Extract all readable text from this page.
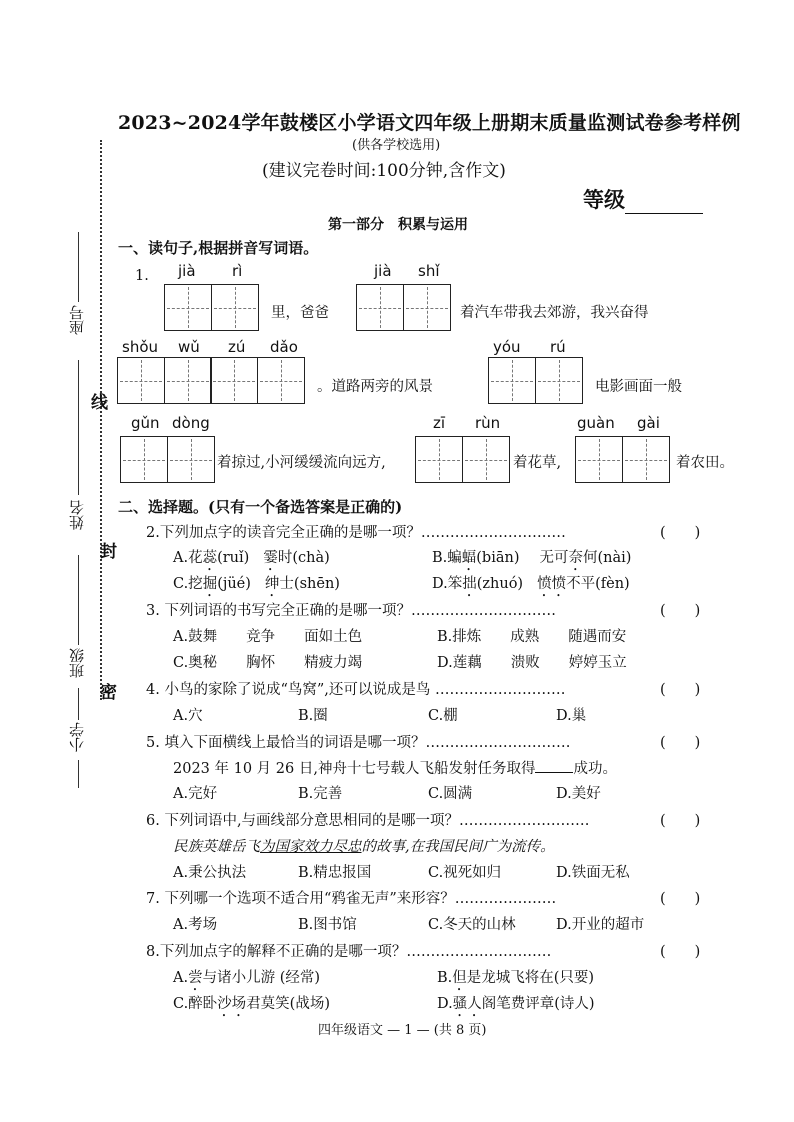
线
封
密
座号
姓名
班级
小学
2023~2024学年鼓楼区小学语文四年级上册期末质量监测试卷参考样例
(供各学校选用)
(建议完卷时间:100分钟,含作文)
等级
第一部分　积累与运用
一、读句子,根据拼音写词语。
1. jià rì
里，爸爸
jià shǐ
着汽车带我去郊游，我兴奋得
shǒu wǔ zú dǎo
。道路两旁的风景
yóu rú
电影画面一般
gǔn dòng
着掠过,小河缓缓流向远方,
zī rùn
着花草,
guàn gài
着农田。
二、选择题。(只有一个备选答案是正确的)
2.下列加点字的读音完全正确的是哪一项？…………………………	(　　)
A.花蕊(ruǐ) 霎时(chà)	B.蝙蝠(biān) 无可奈何(nài)
C.挖掘(jüé) 绅士(shēn)	D.笨拙(zhuó) 愤愤不平(fèn)
3. 下列词语的书写完全正确的是哪一项？…………………………	(　　)
A.鼓舞　　竞争　　面如土色	B.排炼　　成熟　　随遇而安
C.奥秘　　胸怀　　精疲力竭	D.莲藕　　溃败　　婷婷玉立
4. 小鸟的家除了说成“鸟窝”,还可以说成是鸟 ………………………	(　　)
A.穴	B.圈	C.棚	D.巢
5. 填入下面横线上最恰当的词语是哪一项？…………………………	(　　)
2023 年 10 月 26 日,神舟十七号载人飞船发射任务取得	成功。
A.完好	B.完善	C.圆满	D.美好
6. 下列词语中,与画线部分意思相同的是哪一项？………………………	(　　)
民族英雄岳飞为国家效力尽忠的故事,在我国民间广为流传。
A.秉公执法	B.精忠报国	C.视死如归	D.铁面无私
7. 下列哪一个选项不适合用“鸦雀无声”来形容？…………………	(　　)
A.考场	B.图书馆	C.冬天的山林	D.开业的超市
8.下列加点字的解释不正确的是哪一项？…………………………	(　　)
A.尝与诸小儿游 (经常)	B.但是龙城飞将在(只要)
C.醉卧沙场君莫笑(战场)	D.骚人阁笔费评章(诗人)
四年级语文 — 1 — (共 8 页)
